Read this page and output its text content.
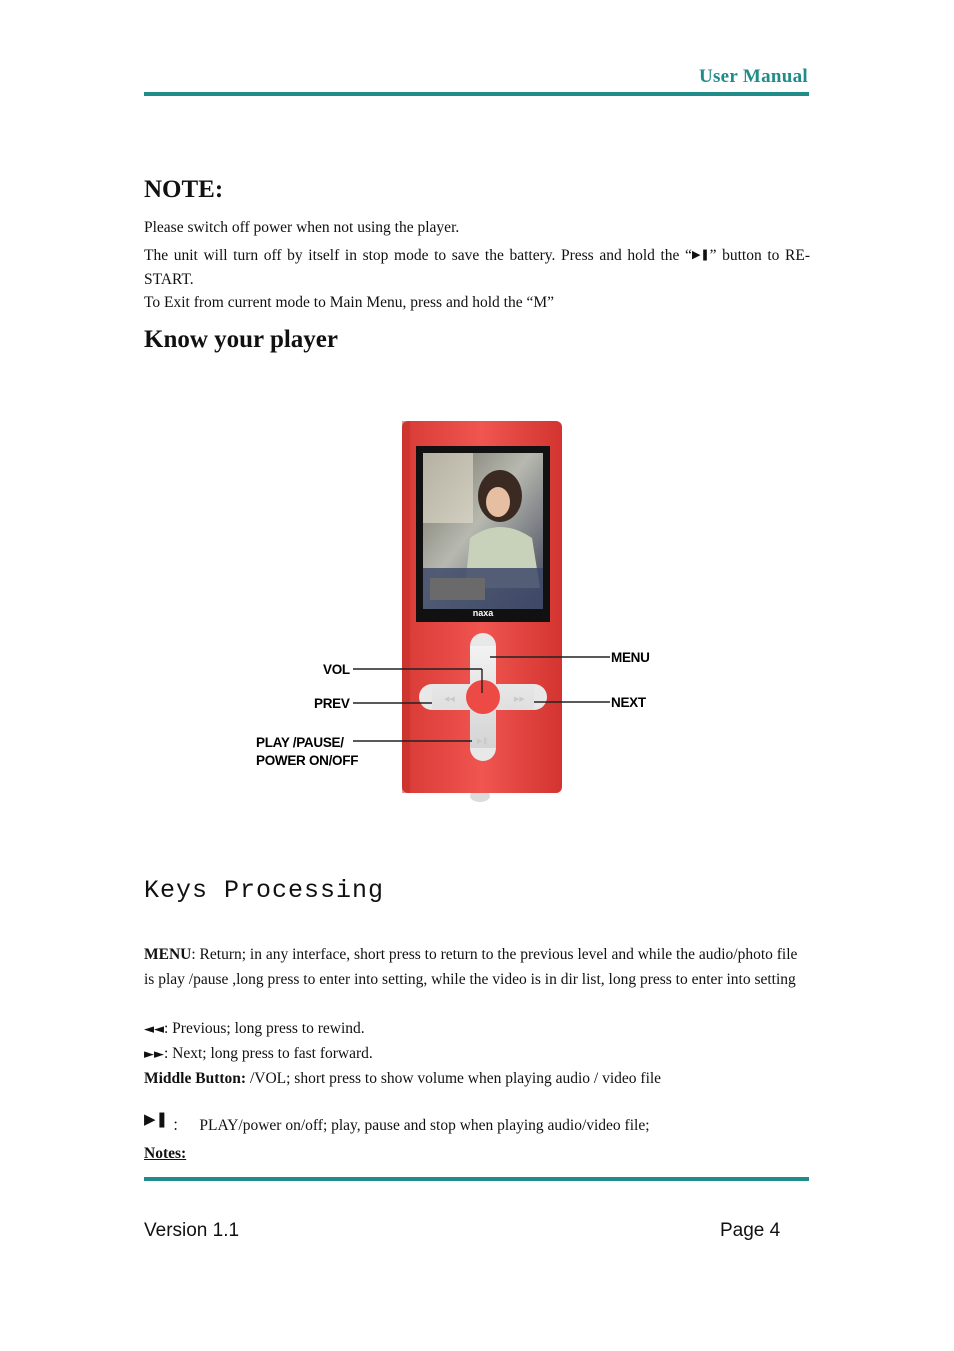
User Manual
NOTE:
Please switch off power when not using the player.
The unit will turn off by itself in stop mode to save the battery. Press and hold the “▶❚” button to RE-START.
To Exit from current mode to Main Menu, press and hold the “M”
Know your player
naxa
◀◀	▶▶
▶❚
VOL
PREV
PLAY /PAUSE/
POWER ON/OFF
MENU
NEXT
Keys Processing
MENU: Return; in any interface, short press to return to the previous level and while the audio/photo file is play /pause ,long press to enter into setting, while the video is in dir list, long press to enter into setting
◄◄: Previous; long press to rewind.
►►: Next; long press to fast forward.
Middle Button: /VOL; short press to show volume when playing audio / video file
▶❚ ： PLAY/power on/off; play, pause and stop when playing audio/video file;
Notes:
Version 1.1	Page 4
